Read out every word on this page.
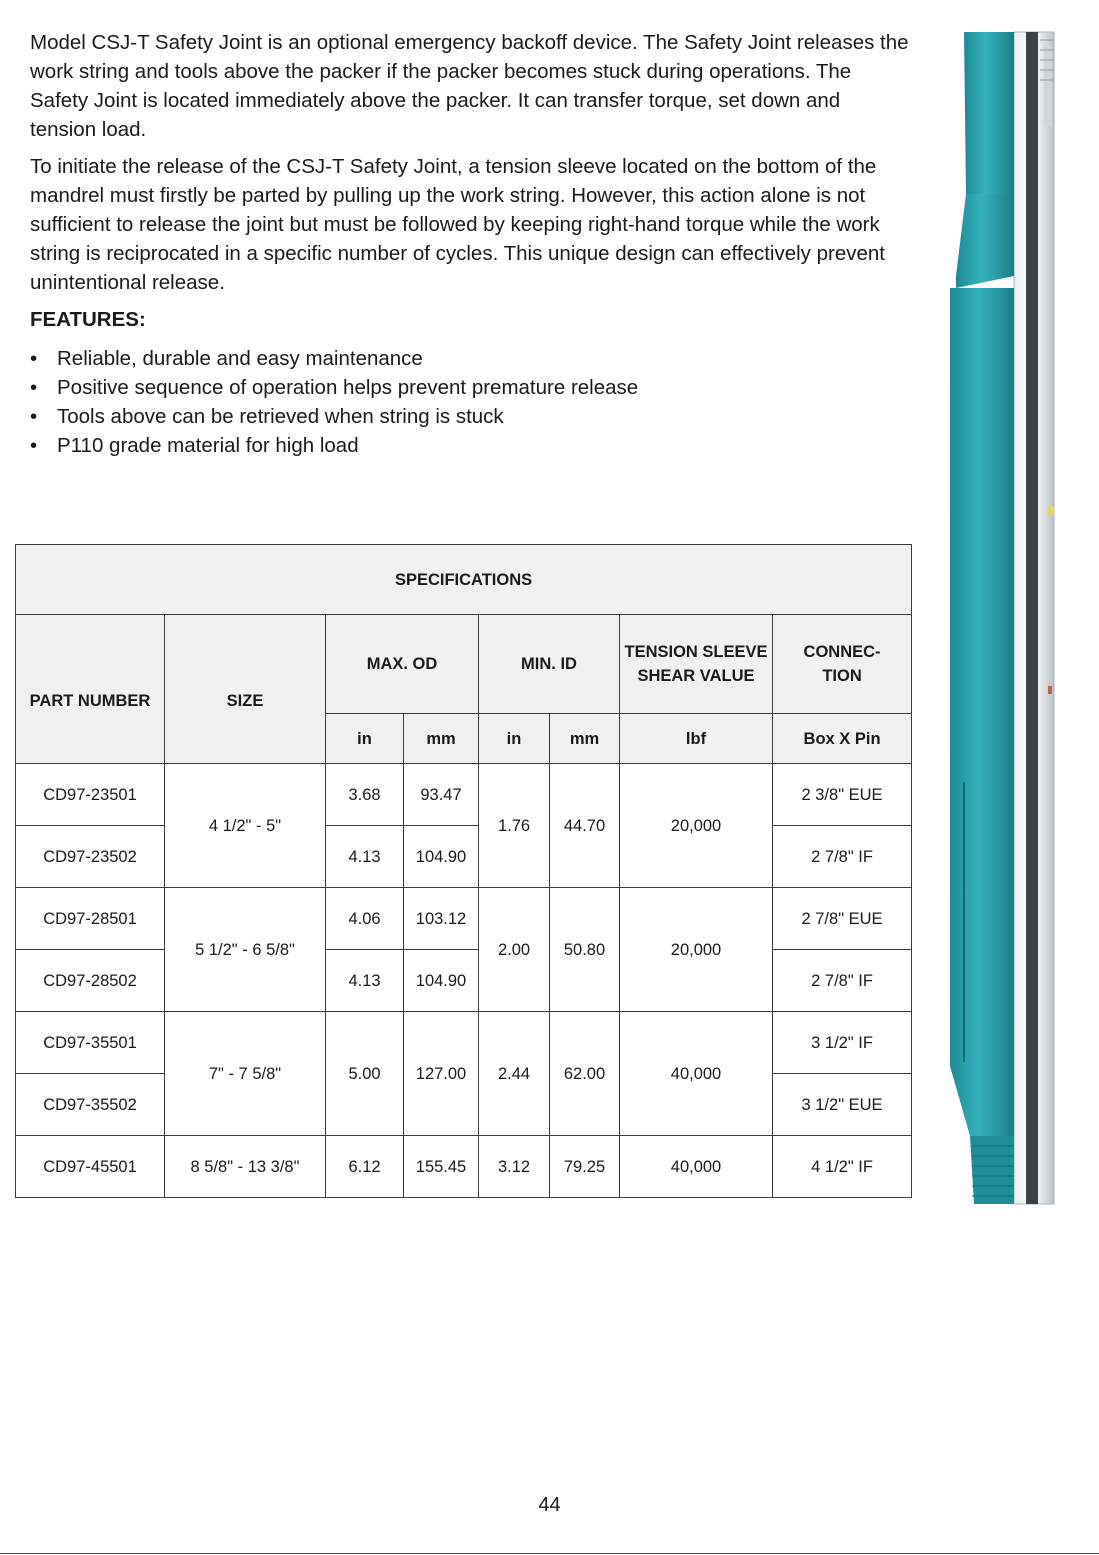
Model CSJ-T Safety Joint is an optional emergency backoff device. The Safety Joint releases the work string and tools above the packer if the packer becomes stuck during operations. The Safety Joint is located immediately above the packer. It can transfer torque, set down and tension load.

To initiate the release of the CSJ-T Safety Joint, a tension sleeve located on the bottom of the mandrel must firstly be parted by pulling up the work string. However, this action alone is not sufficient to release the joint but must be followed by keeping right-hand torque while the work string is reciprocated in a specific number of cycles. This unique design can effectively prevent unintentional release.

FEATURES:
• Reliable, durable and easy maintenance
• Positive sequence of operation helps prevent premature release
• Tools above can be retrieved when string is stuck
• P110 grade material for high load
SPECIFICATIONS							

PART NUMBER	SIZE	MAX. OD		MIN. ID		TENSION SLEEVE SHEAR VALUE	CONNEC-TION

		in	mm	in	mm	lbf	Box X Pin
CD97-23501	4 1/2" - 5"	3.68	93.47	1.76	44.70	20,000	2 3/8" EUE
CD97-23502		4.13	104.90				2 7/8" IF
CD97-28501	5 1/2" - 6 5/8"	4.06	103.12	2.00	50.80	20,000	2 7/8" EUE
CD97-28502		4.13	104.90				2 7/8" IF
CD97-35501	7" - 7 5/8"	5.00	127.00	2.44	62.00	40,000	3 1/2" IF
CD97-35502							3 1/2" EUE
CD97-45501	8 5/8" - 13 3/8"	6.12	155.45	3.12	79.25	40,000	4 1/2" IF
44
